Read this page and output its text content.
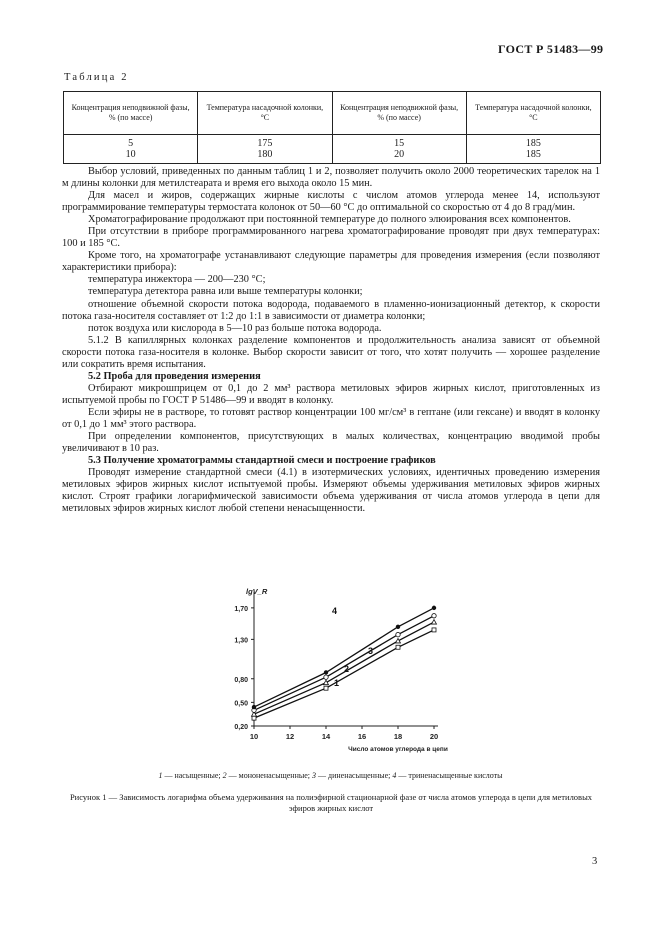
ГОСТ Р 51483—99
Таблица 2
Концентрация неподвижной фазы, % (по массе)	Температура насадочной колонки, °С	Концентрация неподвижной фазы, % (по массе)	Температура насадочной колонки, °С
5	175	15	185
10	180	20	185

Выбор условий, приведенных по данным таблиц 1 и 2, позволяет получить около 2000 теоретических тарелок на 1 м длины колонки для метилстеарата и время его выхода около 15 мин.

Для масел и жиров, содержащих жирные кислоты с числом атомов углерода менее 14, используют программирование температуры термостата колонок от 50—60 °С до оптимальной со скоростью от 4 до 8 град/мин.

Хроматографирование продолжают при постоянной температуре до полного элюирования всех компонентов.

При отсутствии в приборе программированного нагрева хроматографирование проводят при двух температурах: 100 и 185 °С.

Кроме того, на хроматографе устанавливают следующие параметры для проведения измерения (если позволяют характеристики прибора):

температура инжектора — 200—230 °С;

температура детектора равна или выше температуры колонки;

отношение объемной скорости потока водорода, подаваемого в пламенно-ионизационный детектор, к скорости потока газа-носителя составляет от 1:2 до 1:1 в зависимости от диаметра колонки;

поток воздуха или кислорода в 5—10 раз больше потока водорода.

5.1.2 В капиллярных колонках разделение компонентов и продолжительность анализа зависят от объемной скорости потока газа-носителя в колонке. Выбор скорости зависит от того, что хотят получить — хорошее разделение или сократить время испытания.

5.2 Проба для проведения измерения

Отбирают микрошприцем от 0,1 до 2 мм³ раствора метиловых эфиров жирных кислот, приготовленных из испытуемой пробы по ГОСТ Р 51486—99 и вводят в колонку.

Если эфиры не в растворе, то готовят раствор концентрации 100 мг/см³ в гептане (или гексане) и вводят в колонку от 0,1 до 1 мм³ этого раствора.

При определении компонентов, присутствующих в малых количествах, концентрацию вводимой пробы увеличивают в 10 раз.

5.3 Получение хроматограммы стандартной смеси и построение графиков

Проводят измерение стандартной смеси (4.1) в изотермических условиях, идентичных проведению измерения метиловых эфиров жирных кислот испытуемой пробы. Измеряют объемы удерживания метиловых эфиров жирных кислот. Строят графики логарифмической зависимости объема удерживания от числа атомов углерода в цепи для метиловых эфиров жирных кислот любой степени ненасыщенности.

0,20
0,50
0,80
1,30
1,70
10	12	14	16	18	20
lgV_R
Число атомов углерода в цепи
1
2
3
4
1 — насыщенные; 2 — мононенасыщенные; 3 — диненасыщенные; 4 — триненасыщенные кислоты
Рисунок 1 — Зависимость логарифма объема удерживания на полиэфирной стационарной фазе от числа атомов углерода в цепи для метиловых эфиров жирных кислот
3
